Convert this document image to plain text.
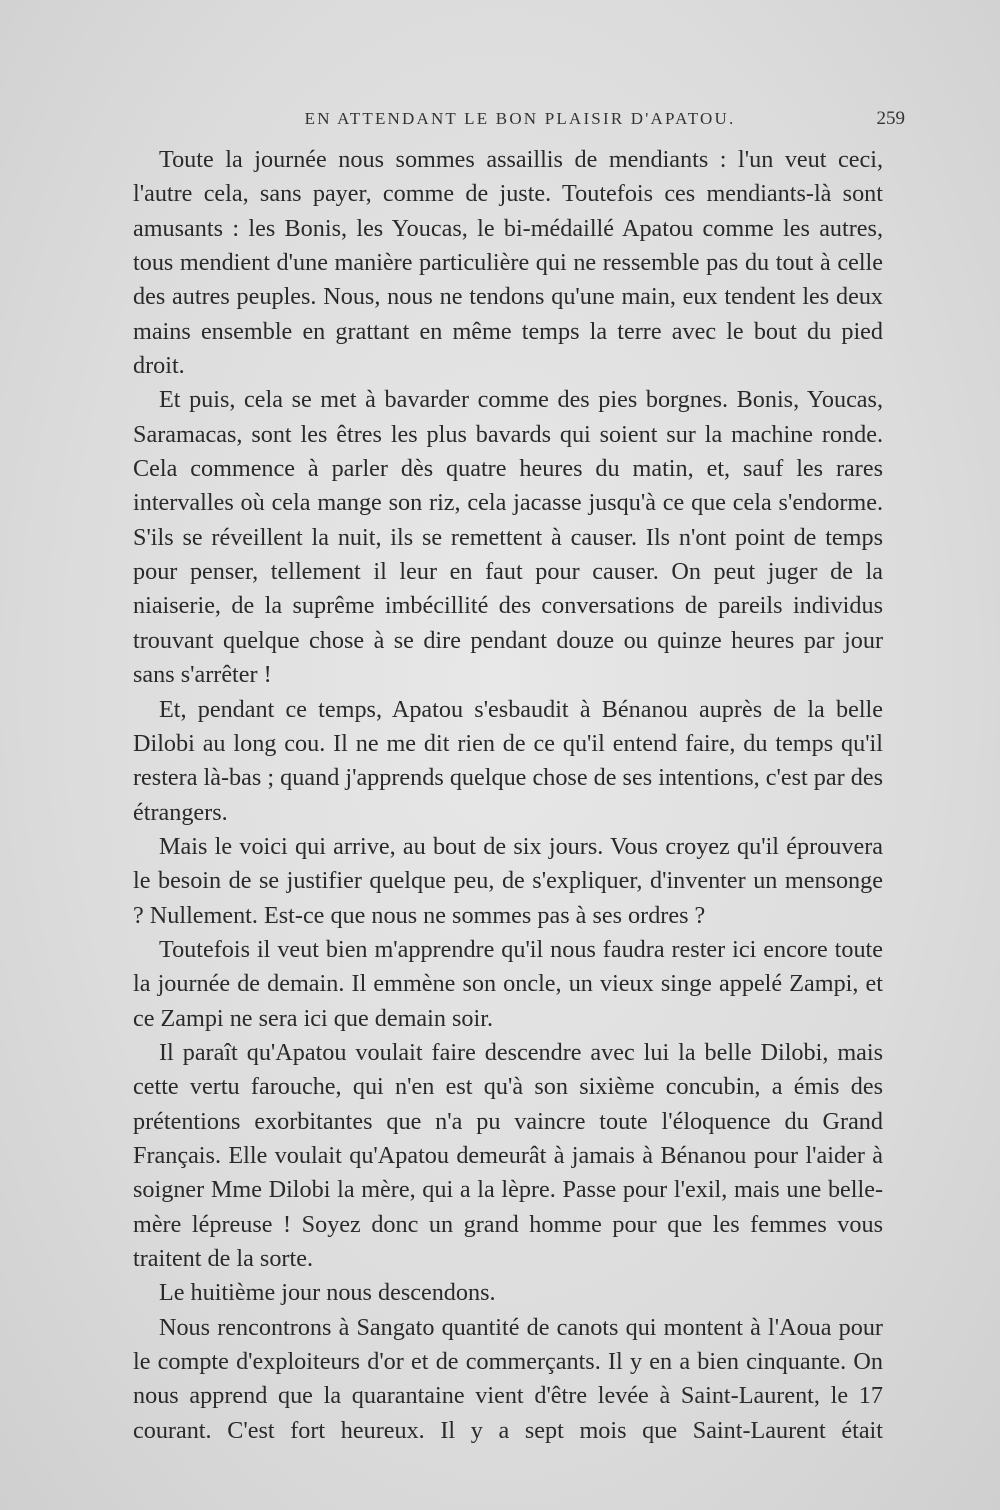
EN ATTENDANT LE BON PLAISIR D'APATOU.	259

Toute la journée nous sommes assaillis de mendiants : l'un veut ceci, l'autre cela, sans payer, comme de juste. Toutefois ces mendiants-là sont amusants : les Bonis, les Youcas, le bi-médaillé Apatou comme les autres, tous mendient d'une manière particulière qui ne ressemble pas du tout à celle des autres peuples. Nous, nous ne tendons qu'une main, eux tendent les deux mains ensemble en grattant en même temps la terre avec le bout du pied droit.

Et puis, cela se met à bavarder comme des pies borgnes. Bonis, Youcas, Saramacas, sont les êtres les plus bavards qui soient sur la machine ronde. Cela commence à parler dès quatre heures du matin, et, sauf les rares intervalles où cela mange son riz, cela jacasse jusqu'à ce que cela s'endorme. S'ils se réveillent la nuit, ils se remettent à causer. Ils n'ont point de temps pour penser, tellement il leur en faut pour causer. On peut juger de la niaiserie, de la suprême imbécillité des conversations de pareils individus trouvant quelque chose à se dire pendant douze ou quinze heures par jour sans s'arrêter !

Et, pendant ce temps, Apatou s'esbaudit à Bénanou auprès de la belle Dilobi au long cou. Il ne me dit rien de ce qu'il entend faire, du temps qu'il restera là-bas ; quand j'apprends quelque chose de ses intentions, c'est par des étrangers.

Mais le voici qui arrive, au bout de six jours. Vous croyez qu'il éprouvera le besoin de se justifier quelque peu, de s'expliquer, d'inventer un mensonge ? Nullement. Est-ce que nous ne sommes pas à ses ordres ?

Toutefois il veut bien m'apprendre qu'il nous faudra rester ici encore toute la journée de demain. Il emmène son oncle, un vieux singe appelé Zampi, et ce Zampi ne sera ici que demain soir.

Il paraît qu'Apatou voulait faire descendre avec lui la belle Dilobi, mais cette vertu farouche, qui n'en est qu'à son sixième concubin, a émis des prétentions exorbitantes que n'a pu vaincre toute l'éloquence du Grand Français. Elle voulait qu'Apatou demeurât à jamais à Bénanou pour l'aider à soigner Mme Dilobi la mère, qui a la lèpre. Passe pour l'exil, mais une belle-mère lépreuse ! Soyez donc un grand homme pour que les femmes vous traitent de la sorte.

Le huitième jour nous descendons.

Nous rencontrons à Sangato quantité de canots qui montent à l'Aoua pour le compte d'exploiteurs d'or et de commerçants. Il y en a bien cinquante. On nous apprend que la quarantaine vient d'être levée à Saint-Laurent, le 17 courant. C'est fort heureux. Il y a sept mois que Saint-Laurent était
